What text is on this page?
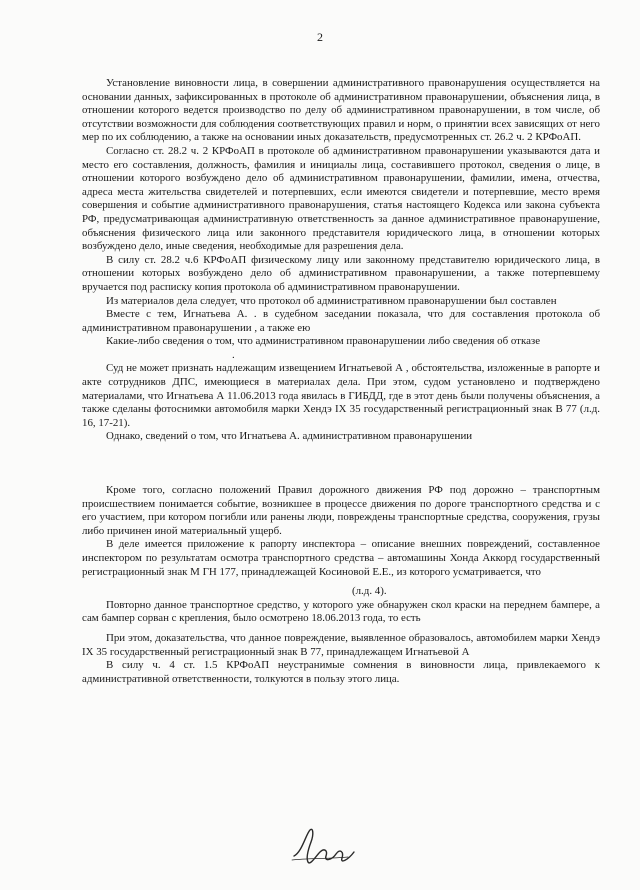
2

Установление виновности лица, в совершении административного правонарушения осуществляется на основании данных, зафиксированных в протоколе об административном правонарушении, объяснения лица, в отношении которого ведется производство по делу об административном правонарушении, в том числе, об отсутствии возможности для соблюдения соответствующих правил и норм, о принятии всех зависящих от него мер по их соблюдению, а также на основании иных доказательств, предусмотренных ст. 26.2 ч. 2 КРФоАП.

Согласно ст. 28.2 ч. 2 КРФоАП в протоколе об административном правонарушении указываются дата и место его составления, должность, фамилия и инициалы лица, составившего протокол, сведения о лице, в отношении которого возбуждено дело об административном правонарушении, фамилии, имена, отчества, адреса места жительства свидетелей и потерпевших, если имеются свидетели и потерпевшие, место время совершения и событие административного правонарушения, статья настоящего Кодекса или закона субъекта РФ, предусматривающая административную ответственность за данное административное правонарушение, объяснения физического лица или законного представителя юридического лица, в отношении которых возбуждено дело, иные сведения, необходимые для разрешения дела.

В силу ст. 28.2 ч.6 КРФоАП физическому лицу или законному представителю юридического лица, в отношении которых возбуждено дело об административном правонарушении, а также потерпевшему вручается под расписку копия протокола об административном правонарушении.

Из материалов дела следует, что протокол об административном правонарушении был составлен

Вместе с тем, Игнатьева А. . в судебном заседании показала, что для составления протокола об административном правонарушении , а также ею

Какие-либо сведения о том, что административном правонарушении либо сведения об отказе

.

Суд не может признать надлежащим извещением Игнатьевой А , обстоятельства, изложенные в рапорте и акте сотрудников ДПС, имеющиеся в материалах дела. При этом, судом установлено и подтверждено материалами, что Игнатьева А 11.06.2013 года явилась в ГИБДД, где в этот день были получены объяснения, а также сделаны фотоснимки автомобиля марки Хендэ IX 35 государственный регистрационный знак В 77 (л.д. 16, 17-21).

Однако, сведений о том, что Игнатьева А. административном правонарушении

Кроме того, согласно положений Правил дорожного движения РФ под дорожно – транспортным происшествием понимается событие, возникшее в процессе движения по дороге транспортного средства и с его участием, при котором погибли или ранены люди, повреждены транспортные средства, сооружения, грузы либо причинен иной материальный ущерб.

В деле имеется приложение к рапорту инспектора – описание внешних повреждений, составленное инспектором по результатам осмотра транспортного средства – автомашины Хонда Аккорд государственный регистрационный знак М ГН 177, принадлежащей Косиновой Е.Е., из которого усматривается, что

(л.д. 4).

Повторно данное транспортное средство, у которого уже обнаружен скол краски на переднем бампере, а сам бампер сорван с крепления, было осмотрено 18.06.2013 года, то есть

При этом, доказательства, что данное повреждение, выявленное образовалось, автомобилем марки Хендэ IX 35 государственный регистрационный знак В 77, принадлежащем Игнатьевой А

В силу ч. 4 ст. 1.5 КРФоАП неустранимые сомнения в виновности лица, привлекаемого к административной ответственности, толкуются в пользу этого лица.
